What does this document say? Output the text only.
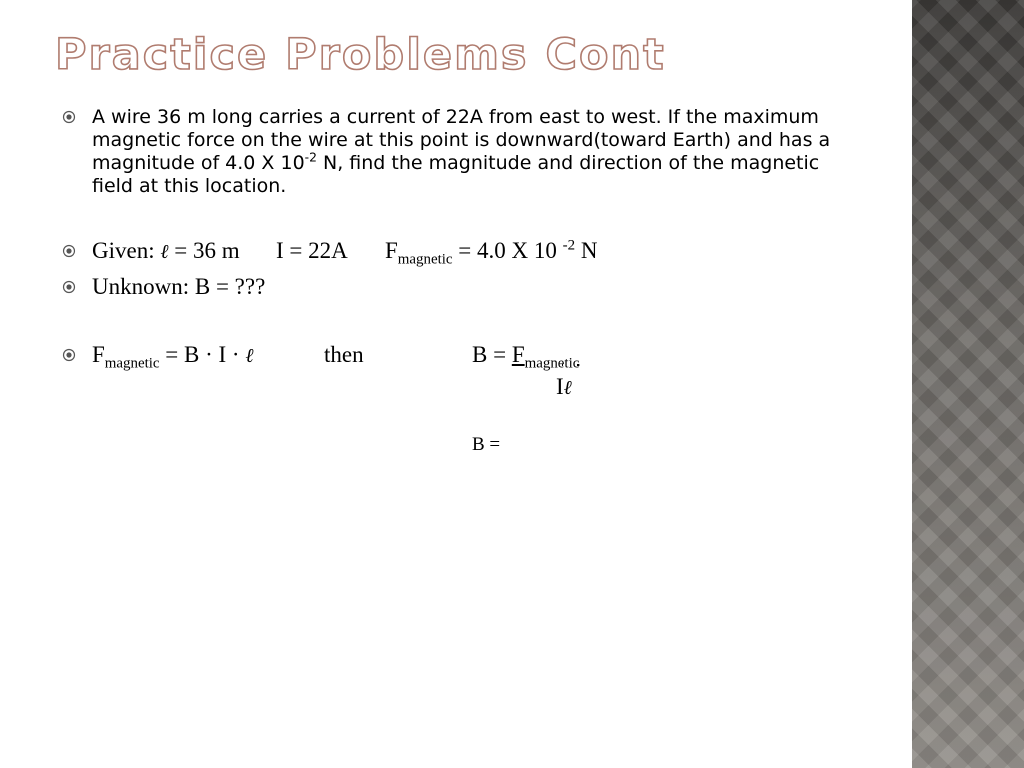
Practice Problems Cont
A wire 36 m long carries a current of 22A from east to west. If the maximum magnetic force on the wire at this point is downward(toward Earth) and has a magnitude of 4.0 X $10^{-2}$ N, find the magnitude and direction of the magnetic field at this location.
Given: ℓ = 36 m I = 22A $F_{magnetic} = 4.0$ X 10 $^{-2}$ N
Unknown: B = ???
$F_{magnetic} = B \cdot I$ · ℓ	then	$B = F_{magnetic}$
Iℓ
B =
